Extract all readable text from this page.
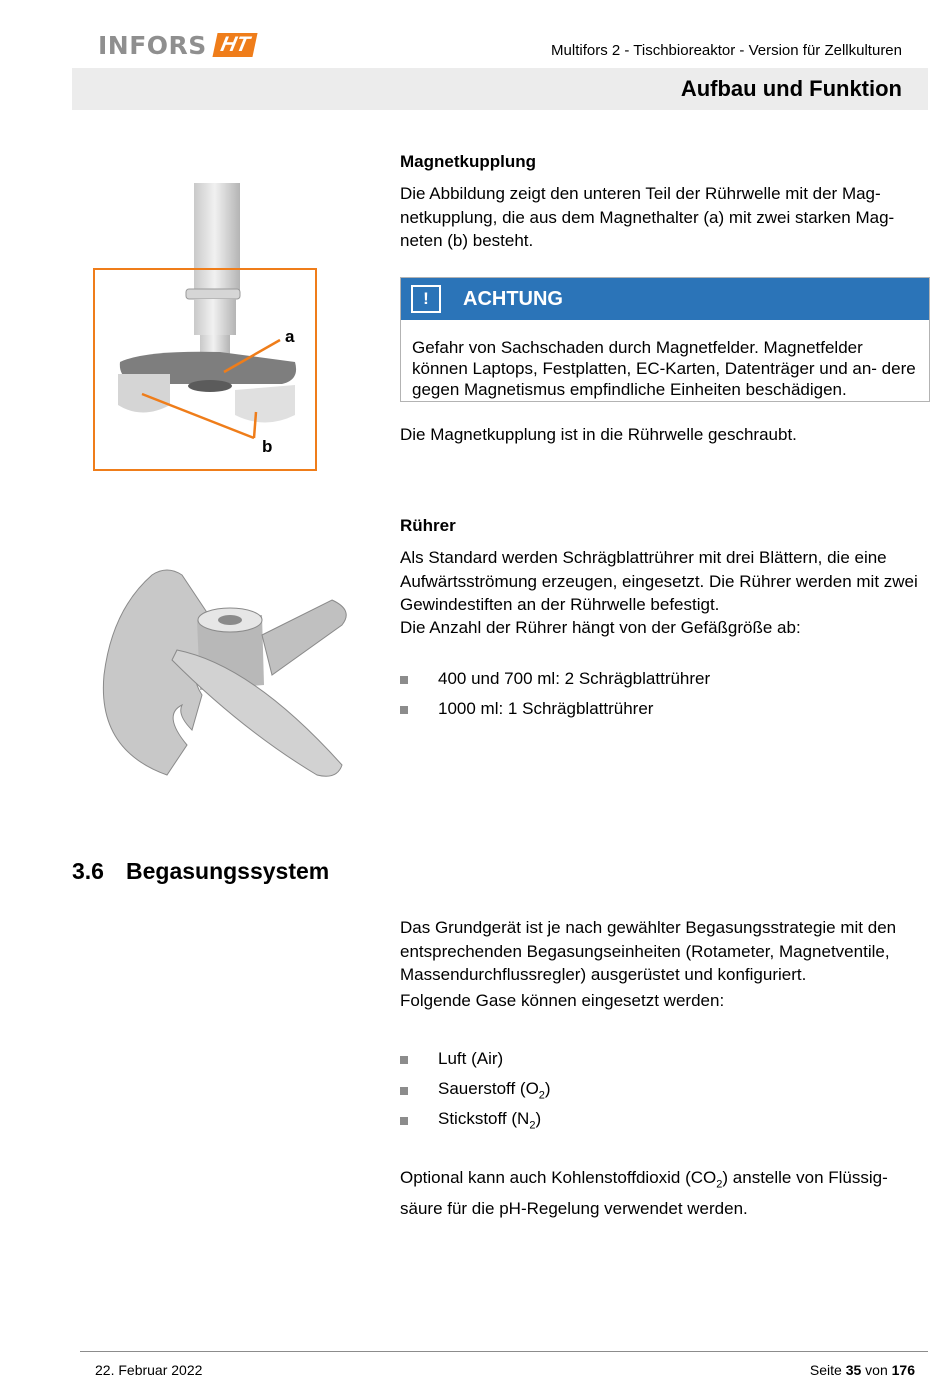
INFORS HT	Multifors 2 - Tischbioreaktor - Version für Zellkulturen
Aufbau und Funktion
a
b
Magnetkupplung
Die Abbildung zeigt den unteren Teil der Rührwelle mit der Mag- netkupplung, die aus dem Magnethalter (a) mit zwei starken Mag- neten (b) besteht.
!	ACHTUNG
Gefahr von Sachschaden durch Magnetfelder. Magnetfelder können Laptops, Festplatten, EC-Karten, Datenträger und an- dere gegen Magnetismus empfindliche Einheiten beschädigen.
Die Magnetkupplung ist in die Rührwelle geschraubt.
Rührer
Als Standard werden Schrägblattrührer mit drei Blättern, die eine Aufwärtsströmung erzeugen, eingesetzt. Die Rührer werden mit zwei Gewindestiften an der Rührwelle befestigt.
Die Anzahl der Rührer hängt von der Gefäßgröße ab:
400 und 700 ml: 2 Schrägblattrührer
1000 ml: 1 Schrägblattrührer
3.6 Begasungssystem
Das Grundgerät ist je nach gewählter Begasungsstrategie mit den entsprechenden Begasungseinheiten (Rotameter, Magnetventile, Massendurchflussregler) ausgerüstet und konfiguriert.
Folgende Gase können eingesetzt werden:
Luft (Air)
Sauerstoff $(O_2)$
Stickstoff $(N_2)$
Optional kann auch Kohlenstoffdioxid $(CO_2)$ anstelle von Flüssig- säure für die pH-Regelung verwendet werden.
22. Februar 2022	Seite 35 von 176
